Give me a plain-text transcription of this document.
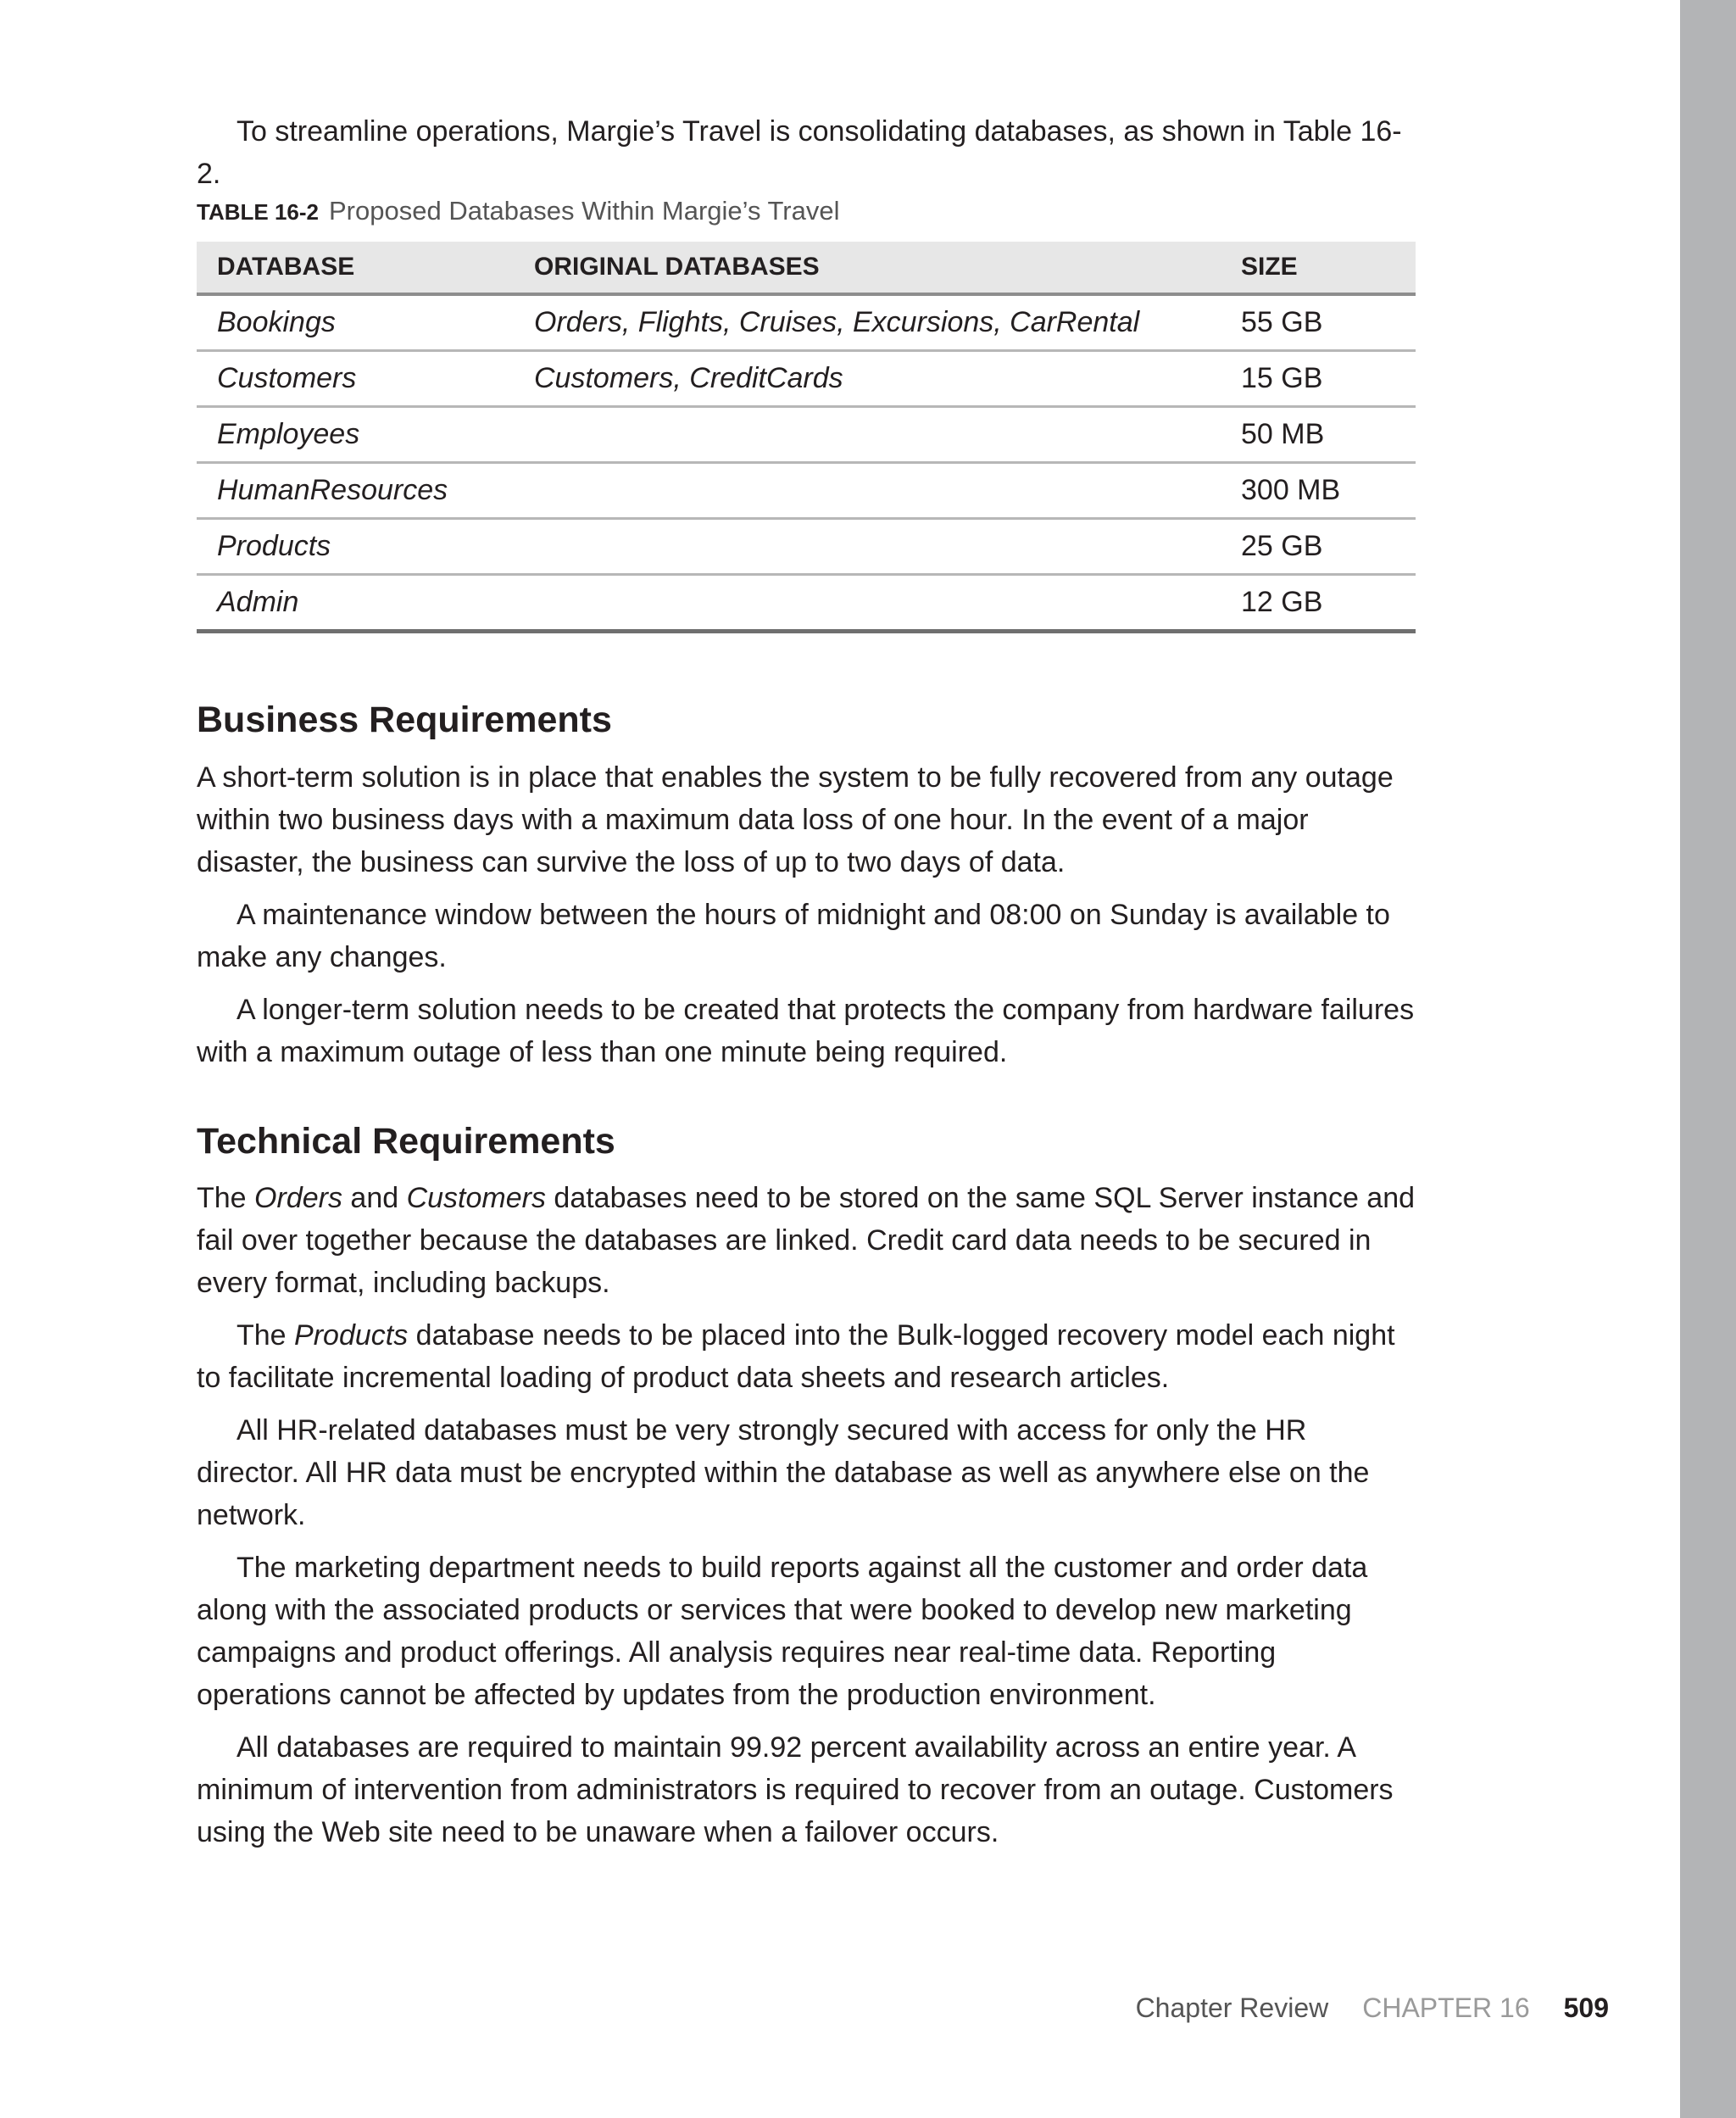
To streamline operations, Margie’s Travel is consolidating databases, as shown in Table 16-2.

TABLE 16-2 Proposed Databases Within Margie’s Travel
DATABASE	ORIGINAL DATABASES	SIZE
Bookings	Orders, Flights, Cruises, Excursions, CarRental	55 GB
Customers	Customers, CreditCards	15 GB
Employees		50 MB
HumanResources		300 MB
Products		25 GB
Admin		12 GB
Business Requirements

A short-term solution is in place that enables the system to be fully recovered from any outage within two business days with a maximum data loss of one hour. In the event of a major disaster, the business can survive the loss of up to two days of data.

A maintenance window between the hours of midnight and 08:00 on Sunday is available to make any changes.

A longer-term solution needs to be created that protects the company from hardware failures with a maximum outage of less than one minute being required.

Technical Requirements

The Orders and Customers databases need to be stored on the same SQL Server instance and fail over together because the databases are linked. Credit card data needs to be secured in every format, including backups.

The Products database needs to be placed into the Bulk-logged recovery model each night to facilitate incremental loading of product data sheets and research articles.

All HR-related databases must be very strongly secured with access for only the HR director. All HR data must be encrypted within the database as well as anywhere else on the network.

The marketing department needs to build reports against all the customer and order data along with the associated products or services that were booked to develop new marketing campaigns and product offerings. All analysis requires near real-time data. Reporting operations cannot be affected by updates from the production environment.

All databases are required to maintain 99.92 percent availability across an entire year. A minimum of intervention from administrators is required to recover from an outage. Customers using the Web site need to be unaware when a failover occurs.

Chapter Review CHAPTER 16 509
